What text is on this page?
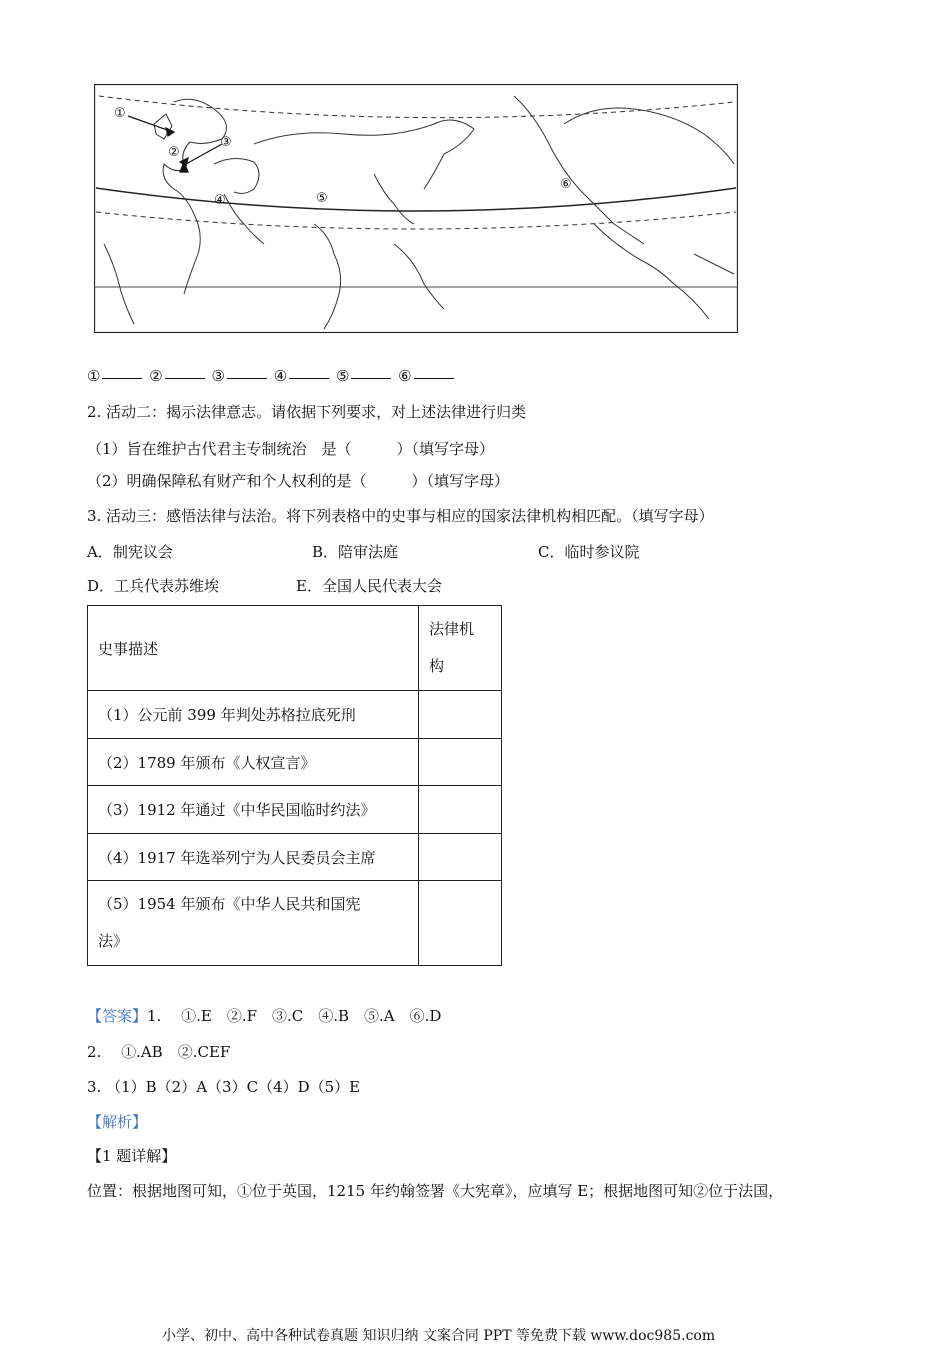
①
②
③
④	⑤
⑥
①	②	③	④	⑤	⑥
2. 活动二：揭示法律意志。请依据下列要求，对上述法律进行归类
（1）旨在维护古代君主专制统治　是（　　　）（填写字母）
（2）明确保障私有财产和个人权利的是（　　　）（填写字母）
3. 活动三：感悟法律与法治。将下列表格中的史事与相应的国家法律机构相匹配。（填写字母）
A．制宪议会	B．陪审法庭	C．临时参议院
D．工兵代表苏维埃	E．全国人民代表大会
史事描述	法律机
构
（1）公元前 399 年判处苏格拉底死刑	
（2）1789 年颁布《人权宣言》	
（3）1912 年通过《中华民国临时约法》	
（4）1917 年选举列宁为人民委员会主席	
（5）1954 年颁布《中华人民共和国宪
法》	
【答案】1.　 ①.E　②.F　③.C　④.B　⑤.A　⑥.D
2.　 ①.AB　②.CEF
3. （1）B（2）A（3）C（4）D（5）E
【解析】
【1 题详解】
位置：根据地图可知，①位于英国，1215 年约翰签署《大宪章》，应填写 E；根据地图可知②位于法国，
小学、初中、高中各种试卷真题 知识归纳 文案合同 PPT 等免费下载 www.doc985.com
